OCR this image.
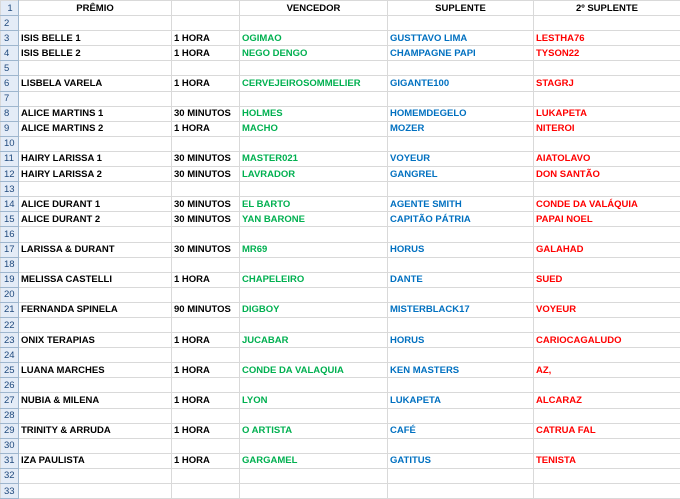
1	PRÊMIO		VENCEDOR	SUPLENTE	2º SUPLENTE
2					
3	ISIS BELLE 1	1 HORA	OGIMAO	GUSTTAVO LIMA	LESTHA76
4	ISIS BELLE 2	1 HORA	NEGO DENGO	CHAMPAGNE PAPI	TYSON22
5					
6	LISBELA VARELA	1 HORA	CERVEJEIROSOMMELIER	GIGANTE100	STAGRJ
7					
8	ALICE MARTINS 1	30 MINUTOS	HOLMES	HOMEMDEGELO	LUKAPETA
9	ALICE MARTINS 2	1 HORA	MACHO	MOZER	NITEROI
10					
11	HAIRY LARISSA 1	30 MINUTOS	MASTER021	VOYEUR	AIATOLAVO
12	HAIRY LARISSA 2	30 MINUTOS	LAVRADOR	GANGREL	DON SANTÃO
13					
14	ALICE DURANT 1	30 MINUTOS	EL BARTO	AGENTE SMITH	CONDE DA VALÁQUIA
15	ALICE DURANT 2	30 MINUTOS	YAN BARONE	CAPITÃO PÁTRIA	PAPAI NOEL
16					
17	LARISSA & DURANT	30 MINUTOS	MR69	HORUS	GALAHAD
18					
19	MELISSA CASTELLI	1 HORA	CHAPELEIRO	DANTE	SUED
20					
21	FERNANDA SPINELA	90 MINUTOS	DIGBOY	MISTERBLACK17	VOYEUR
22					
23	ONIX TERAPIAS	1 HORA	JUCABAR	HORUS	CARIOCAGALUDO
24					
25	LUANA MARCHES	1 HORA	CONDE DA VALAQUIA	KEN MASTERS	AZ,
26					
27	NUBIA & MILENA	1 HORA	LYON	LUKAPETA	ALCARAZ
28					
29	TRINITY & ARRUDA	1 HORA	O ARTISTA	CAFÉ	CATRUA FAL
30					
31	IZA PAULISTA	1 HORA	GARGAMEL	GATITUS	TENISTA
32					
33					
